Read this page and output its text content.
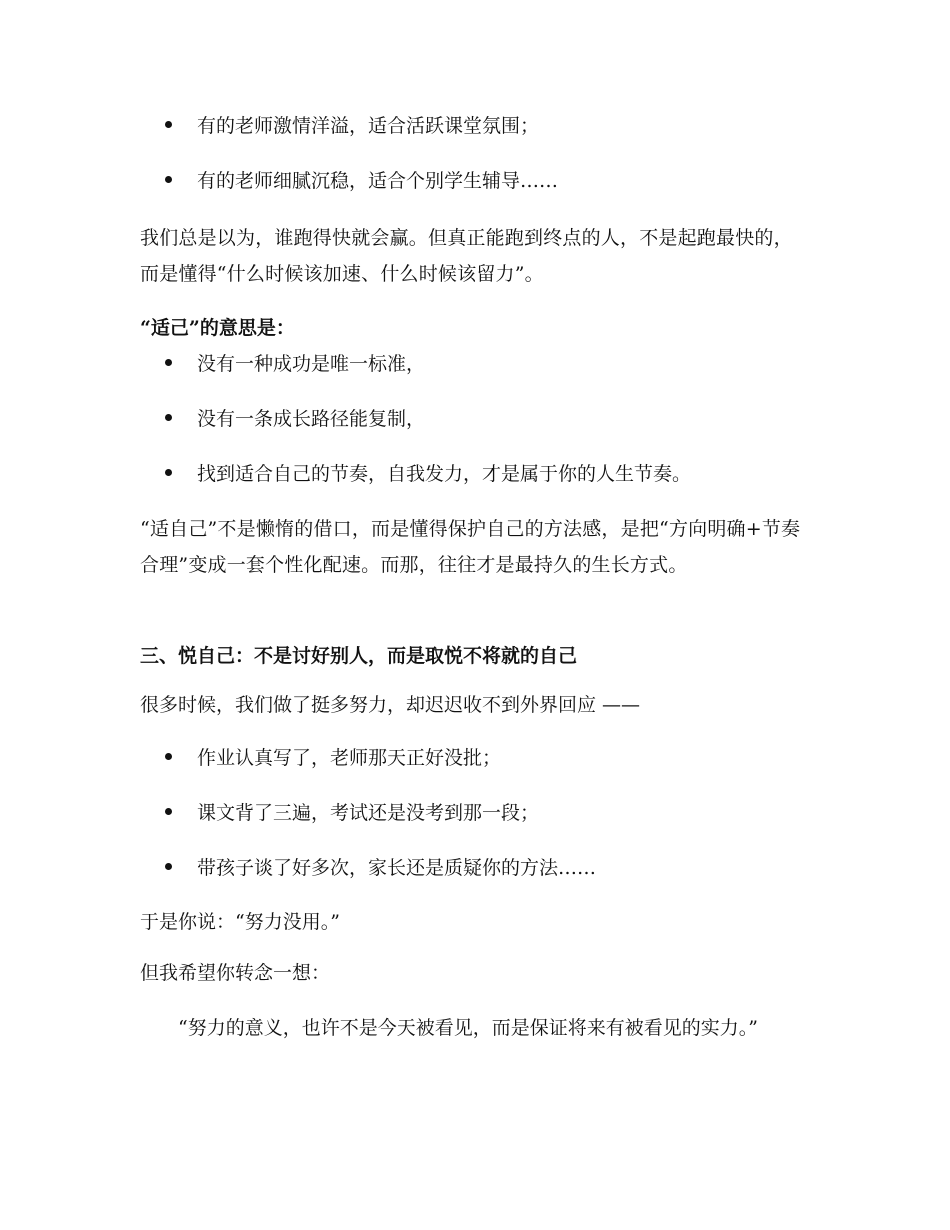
有的老师激情洋溢，适合活跃课堂氛围；
有的老师细腻沉稳，适合个别学生辅导……
我们总是以为，谁跑得快就会赢。但真正能跑到终点的人，不是起跑最快的，而是懂得“什么时候该加速、什么时候该留力”。
“适己”的意思是：
没有一种成功是唯一标准，
没有一条成长路径能复制，
找到适合自己的节奏，自我发力，才是属于你的人生节奏。
“适自己”不是懒惰的借口，而是懂得保护自己的方法感，是把“方向明确+节奏合理”变成一套个性化配速。而那，往往才是最持久的生长方式。
三、悦自己：不是讨好别人，而是取悦不将就的自己
很多时候，我们做了挺多努力，却迟迟收不到外界回应 ——
作业认真写了，老师那天正好没批；
课文背了三遍，考试还是没考到那一段；
带孩子谈了好多次，家长还是质疑你的方法……
于是你说：“努力没用。”
但我希望你转念一想：
“努力的意义，也许不是今天被看见，而是保证将来有被看见的实力。”
